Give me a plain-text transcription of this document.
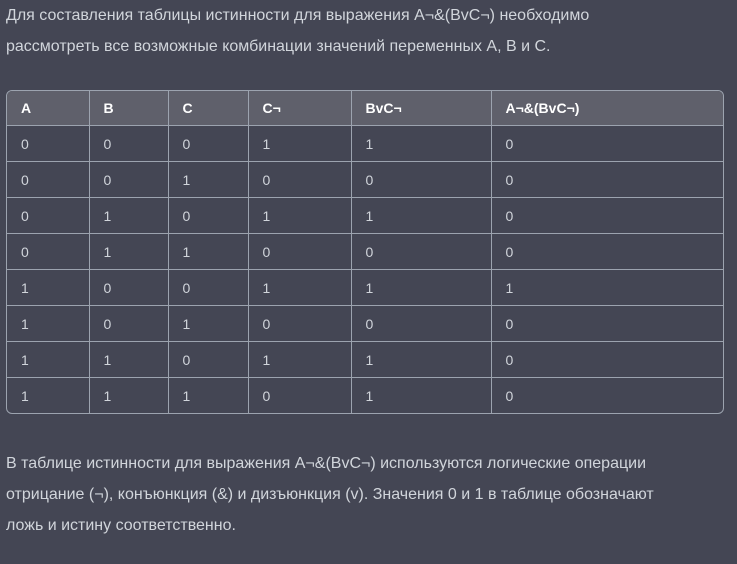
Для составления таблицы истинности для выражения A¬&(BvC¬) необходимо
рассмотреть все возможные комбинации значений переменных A, B и C.

A	B	C	C¬	BvC¬	A¬&(BvC¬)
0	0	0	1	1	0
0	0	1	0	0	0
0	1	0	1	1	0
0	1	1	0	0	0
1	0	0	1	1	1
1	0	1	0	0	0
1	1	0	1	1	0
1	1	1	0	1	0

В таблице истинности для выражения A¬&(BvC¬) используются логические операции
отрицание (¬), конъюнкция (&) и дизъюнкция (v). Значения 0 и 1 в таблице обозначают
ложь и истину соответственно.
